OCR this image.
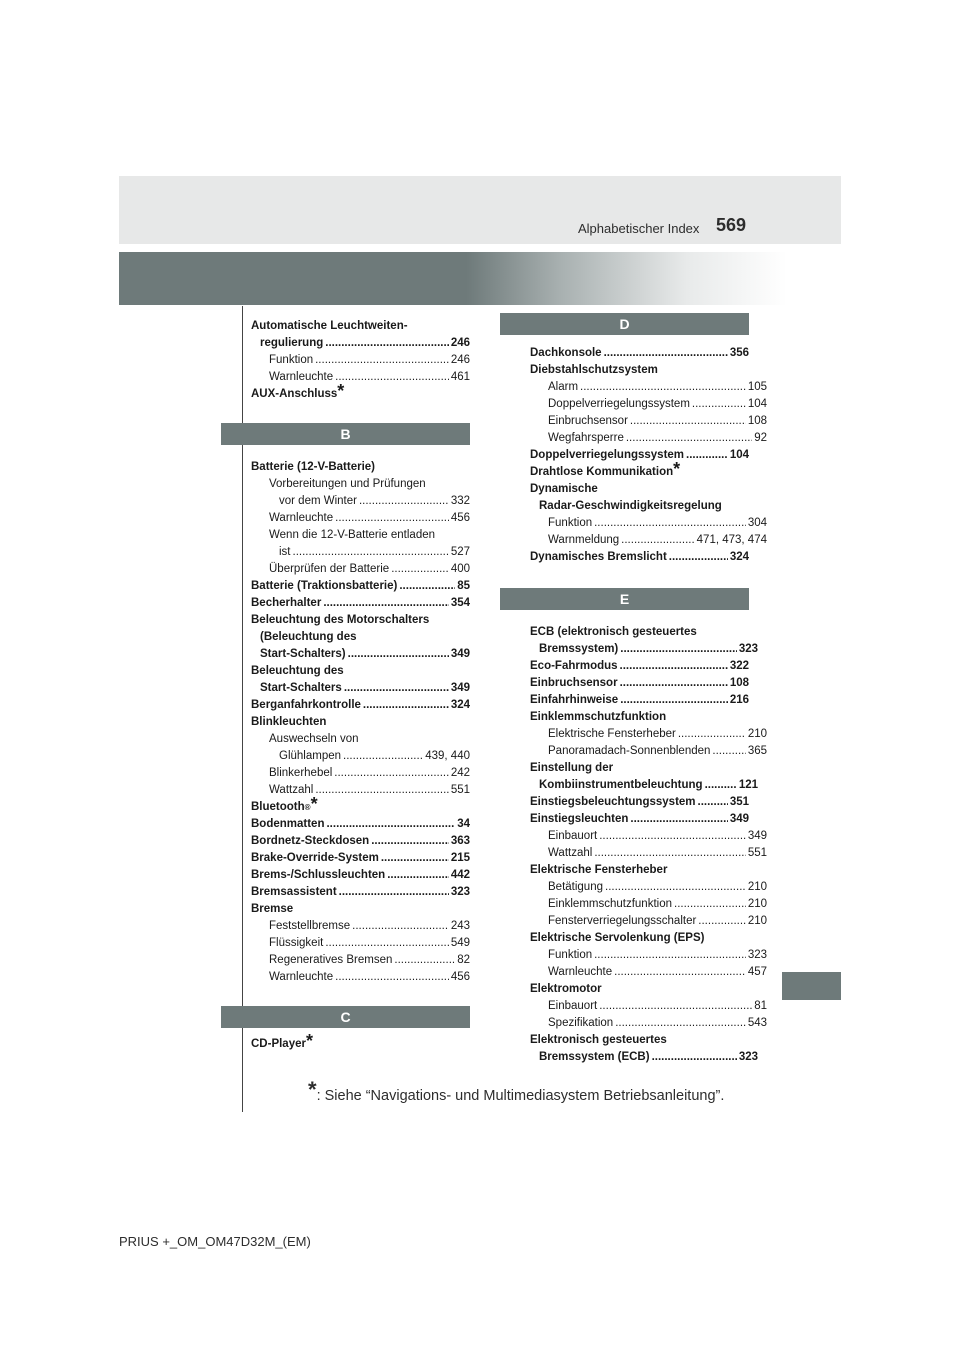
569
Alphabetischer Index
Automatische Leuchtweiten-
regulierung .....	246
Funktion .....	246
Warnleuchte .....	461
AUX-Anschluss *
B
Batterie (12-V-Batterie)
Vorbereitungen und Prüfungen
vor dem Winter .....	332
Warnleuchte .....	456
Wenn die 12-V-Batterie entladen
ist .....	527
Überprüfen der Batterie .....	400
Batterie (Traktionsbatterie) .....	85
Becherhalter .....	354
Beleuchtung des Motorschalters
(Beleuchtung des
Start-Schalters) .....	349
Beleuchtung des
Start-Schalters .....	349
Berganfahrkontrolle .....	324
Blinkleuchten
Auswechseln von
Glühlampen .....	439, 440
Blinkerhebel .....	242
Wattzahl .....	551
Bluetooth ® *
Bodenmatten .....	34
Bordnetz-Steckdosen .....	363
Brake-Override-System .....	215
Brems-/Schlussleuchten .....	442
Bremsassistent .....	323
Bremse
Feststellbremse .....	243
Flüssigkeit .....	549
Regeneratives Bremsen .....	82
Warnleuchte .....	456
C
CD-Player *
D
Dachkonsole .....	356
Diebstahlschutzsystem
Alarm .....	105
Doppelverriegelungssystem .....	104
Einbruchsensor .....	108
Wegfahrsperre .....	92
Doppelverriegelungssystem .....	104
Drahtlose Kommunikation *
Dynamische
Radar-Geschwindigkeitsregelung
Funktion .....	304
Warnmeldung .....	471, 473, 474
Dynamisches Bremslicht .....	324
E
ECB (elektronisch gesteuertes
Bremssystem) .....	323
Eco-Fahrmodus .....	322
Einbruchsensor .....	108
Einfahrhinweise .....	216
Einklemmschutzfunktion
Elektrische Fensterheber .....	210
Panoramadach-Sonnenblenden .....	365
Einstellung der
Kombiinstrumentbeleuchtung .....	121
Einstiegsbeleuchtungssystem .....	351
Einstiegsleuchten .....	349
Einbauort .....	349
Wattzahl .....	551
Elektrische Fensterheber
Betätigung .....	210
Einklemmschutzfunktion .....	210
Fensterverriegelungsschalter .....	210
Elektrische Servolenkung (EPS)
Funktion .....	323
Warnleuchte .....	457
Elektromotor
Einbauort .....	81
Spezifikation .....	543
Elektronisch gesteuertes
Bremssystem (ECB) .....	323
*: Siehe “Navigations- und Multimediasystem Betriebsanleitung”.
PRIUS +_OM_OM47D32M_(EM)
